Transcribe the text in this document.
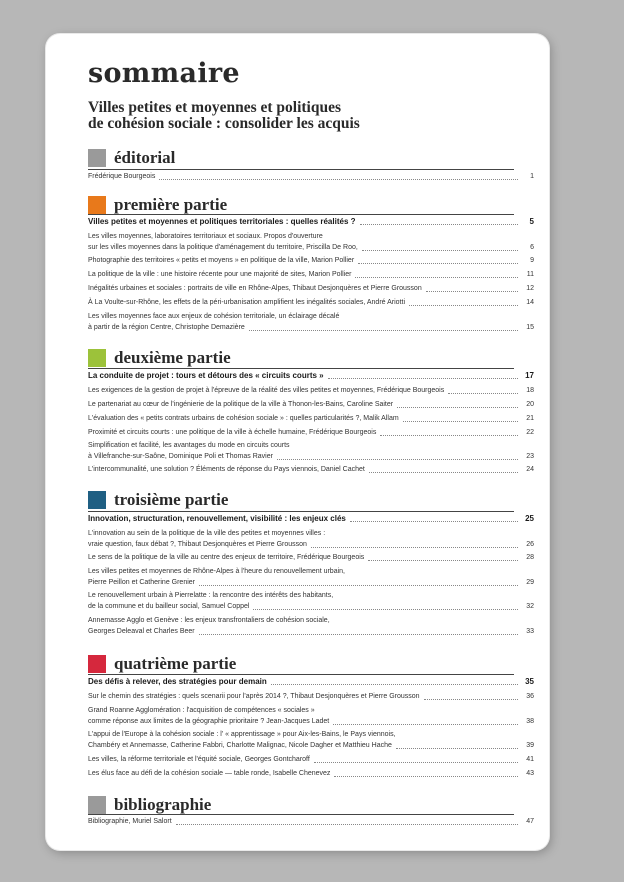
sommaire
Villes petites et moyennes et politiques
de cohésion sociale : consolider les acquis
éditorial
Frédérique Bourgeois	1
première partie
Villes petites et moyennes et politiques territoriales : quelles réalités ?	5
Les villes moyennes, laboratoires territoriaux et sociaux. Propos d'ouverture
sur les villes moyennes dans la politique d'aménagement du territoire, Priscilla De Roo,	6
Photographie des territoires « petits et moyens » en politique de la ville, Marion Pollier	9
La politique de la ville : une histoire récente pour une majorité de sites, Marion Pollier	11
Inégalités urbaines et sociales : portraits de ville en Rhône-Alpes, Thibaut Desjonquères et Pierre Grousson	12
À La Voulte-sur-Rhône, les effets de la péri-urbanisation amplifient les inégalités sociales, André Ariotti	14
Les villes moyennes face aux enjeux de cohésion territoriale, un éclairage décalé
à partir de la région Centre, Christophe Demazière	15
deuxième partie
La conduite de projet : tours et détours des « circuits courts »	17
Les exigences de la gestion de projet à l'épreuve de la réalité des villes petites et moyennes, Frédérique Bourgeois	18
Le partenariat au cœur de l'ingénierie de la politique de la ville à Thonon-les-Bains, Caroline Saiter	20
L'évaluation des « petits contrats urbains de cohésion sociale » : quelles particularités ?, Malik Allam	21
Proximité et circuits courts : une politique de la ville à échelle humaine, Frédérique Bourgeois	22
Simplification et facilité, les avantages du mode en circuits courts
à Villefranche-sur-Saône, Dominique Poli et Thomas Ravier	23
L'intercommunalité, une solution ? Éléments de réponse du Pays viennois, Daniel Cachet	24
troisième partie
Innovation, structuration, renouvellement, visibilité : les enjeux clés	25
L'innovation au sein de la politique de la ville des petites et moyennes villes :
vraie question, faux débat ?, Thibaut Desjonquères et Pierre Grousson	26
Le sens de la politique de la ville au centre des enjeux de territoire, Frédérique Bourgeois	28
Les villes petites et moyennes de Rhône-Alpes à l'heure du renouvellement urbain,
Pierre Peillon et Catherine Grenier	29
Le renouvellement urbain à Pierrelatte : la rencontre des intérêts des habitants,
de la commune et du bailleur social, Samuel Coppel	32
Annemasse Agglo et Genève : les enjeux transfrontaliers de cohésion sociale,
Georges Deleaval et Charles Beer	33
quatrième partie
Des défis à relever, des stratégies pour demain	35
Sur le chemin des stratégies : quels scenarii pour l'après 2014 ?, Thibaut Desjonquères et Pierre Grousson	36
Grand Roanne Agglomération : l'acquisition de compétences « sociales »
comme réponse aux limites de la géographie prioritaire ? Jean-Jacques Ladet	38
L'appui de l'Europe à la cohésion sociale : l' « apprentissage » pour Aix-les-Bains, le Pays viennois,
Chambéry et Annemasse, Catherine Fabbri, Charlotte Malignac, Nicole Dagher et Matthieu Hache	39
Les villes, la réforme territoriale et l'équité sociale, Georges Gontcharoff	41
Les élus face au défi de la cohésion sociale — table ronde, Isabelle Chenevez	43
bibliographie
Bibliographie, Muriel Salort	47
